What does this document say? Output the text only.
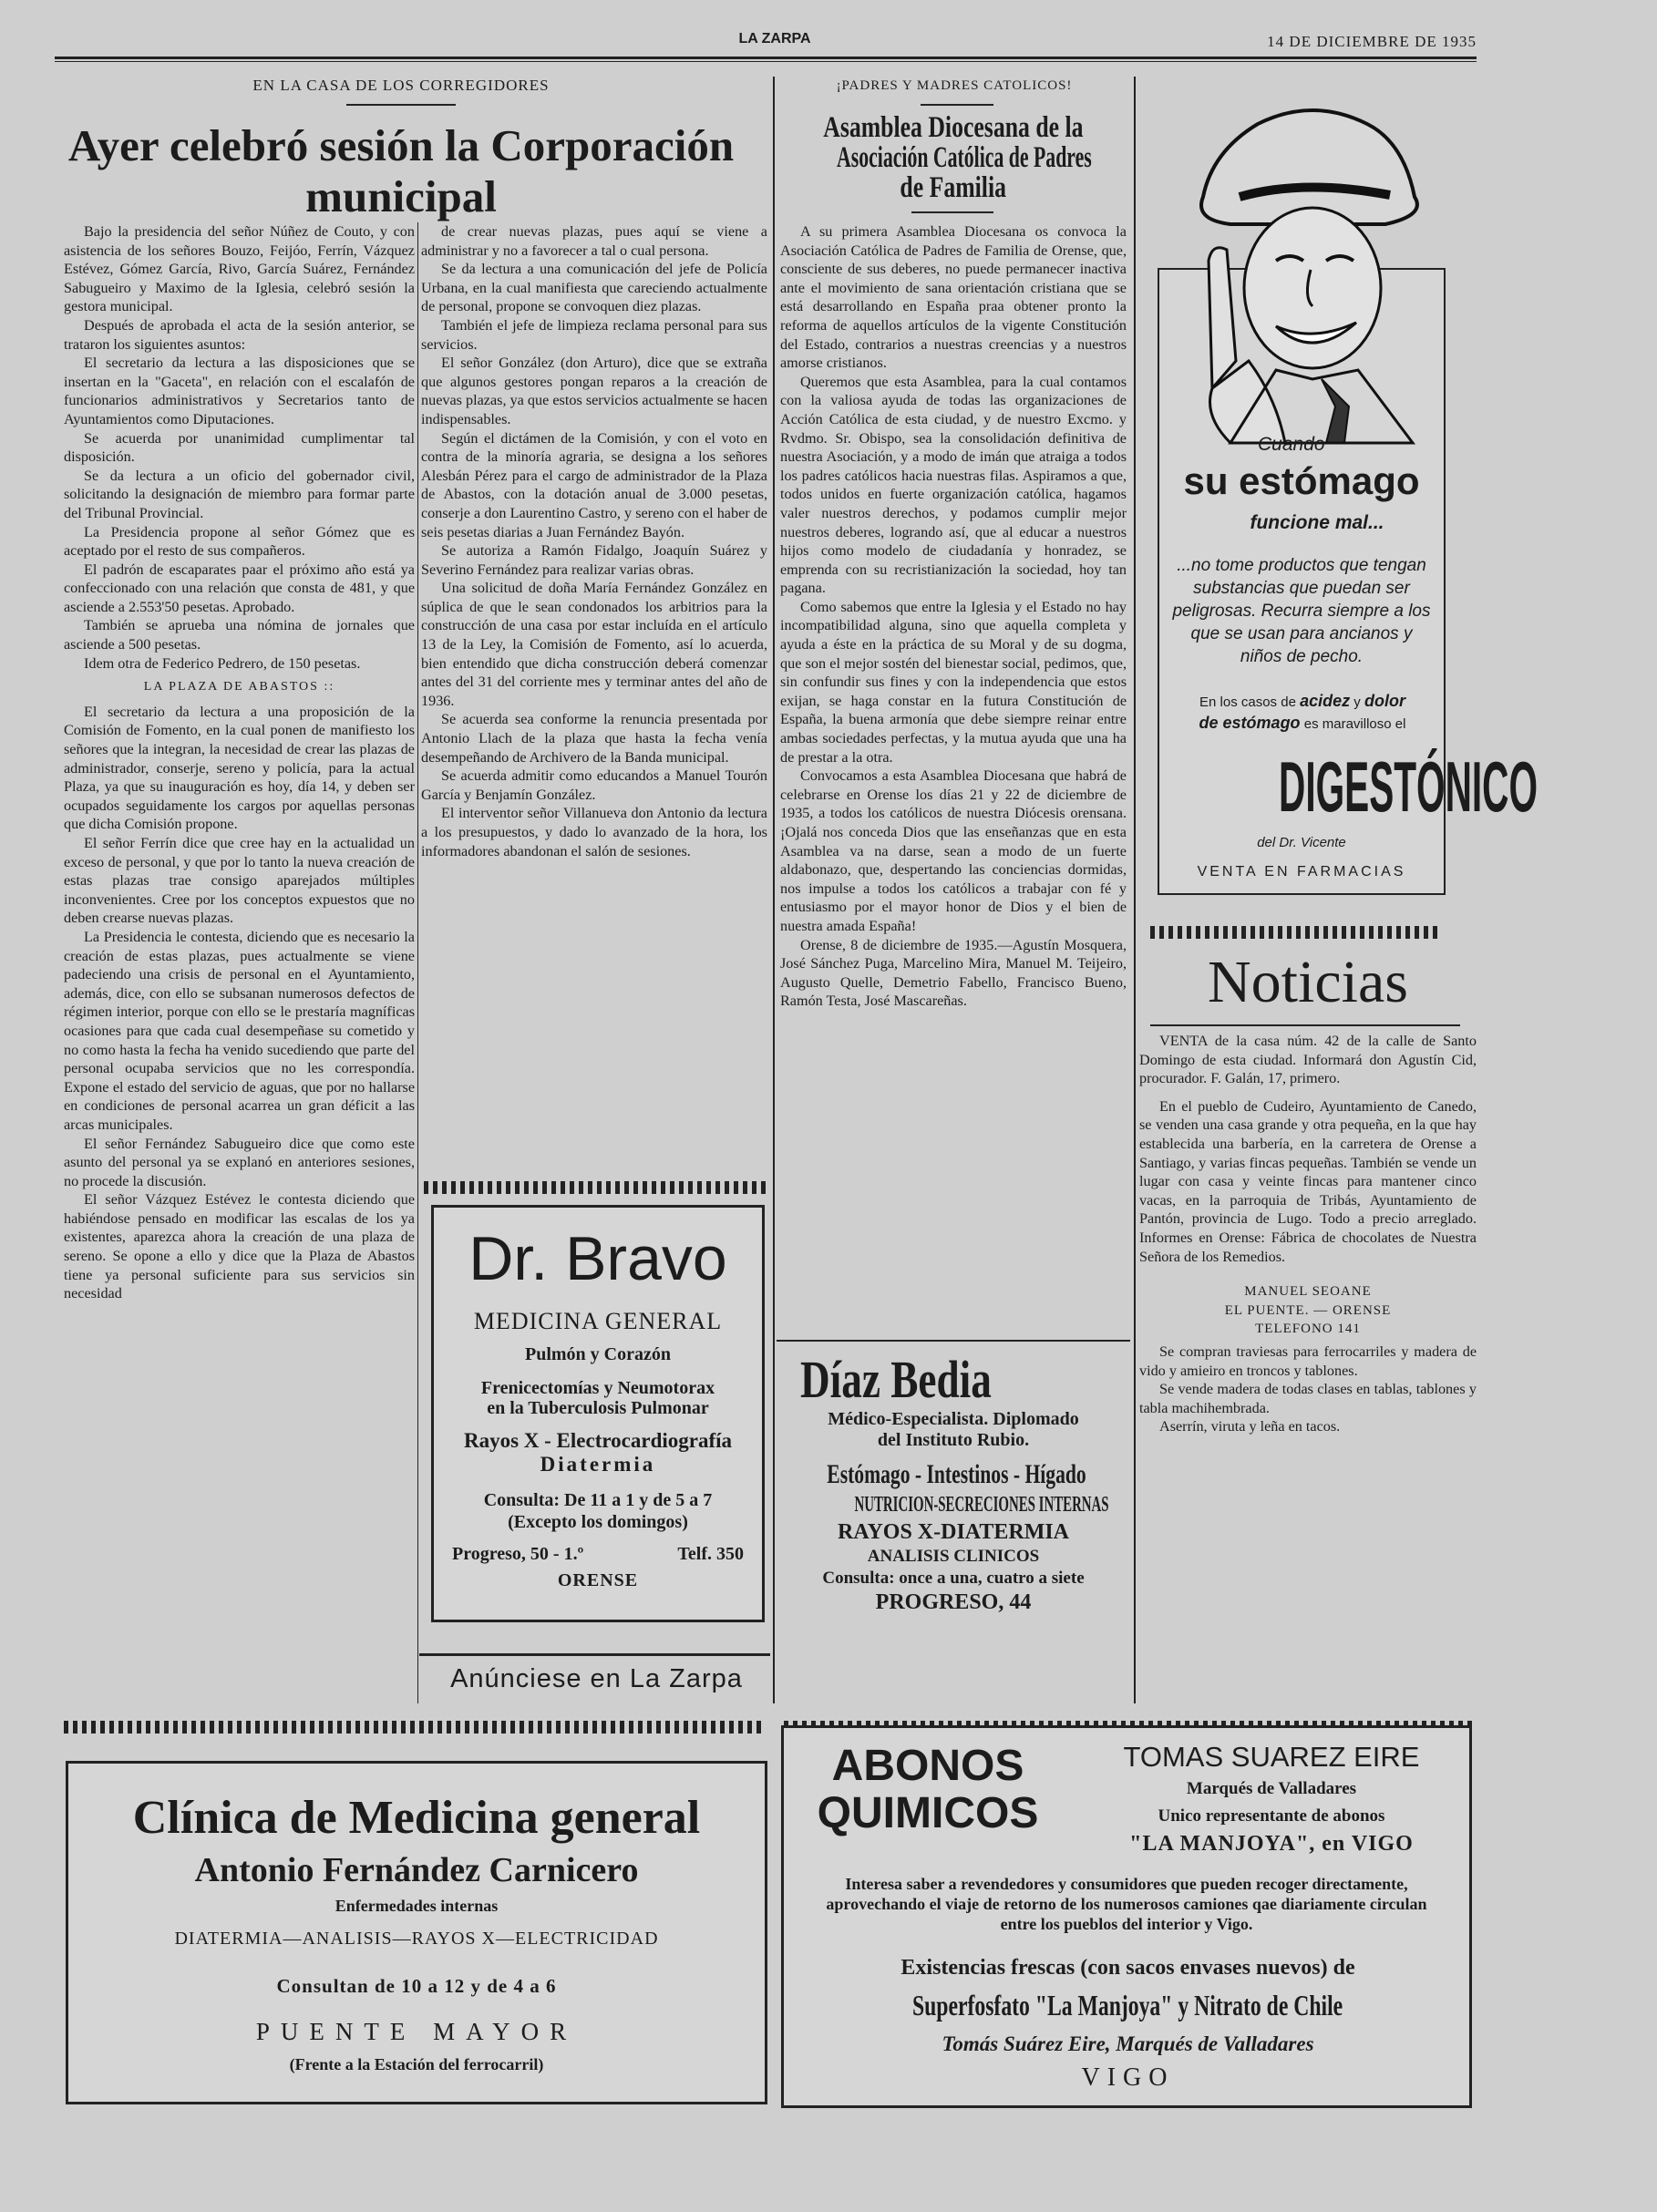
LA ZARPA	14 DE DICIEMBRE DE 1935
EN LA CASA DE LOS CORREGIDORES
Ayer celebró sesión la Corporación
municipal

Bajo la presidencia del señor Núñez de Couto, y con asistencia de los señores Bouzo, Feijóo, Ferrín, Vázquez Estévez, Gómez García, Rivo, García Suárez, Fernández Sabugueiro y Maximo de la Iglesia, celebró sesión la gestora municipal.

Después de aprobada el acta de la sesión anterior, se trataron los siguientes asuntos:

El secretario da lectura a las disposiciones que se insertan en la "Gaceta", en relación con el escalafón de funcionarios administrativos y Secretarios tanto de Ayuntamientos como Diputaciones.

Se acuerda por unanimidad cumplimentar tal disposición.

Se da lectura a un oficio del gobernador civil, solicitando la designación de miembro para formar parte del Tribunal Provincial.

La Presidencia propone al señor Gómez que es aceptado por el resto de sus compañeros.

El padrón de escaparates paar el próximo año está ya confeccionado con una relación que consta de 481, y que asciende a 2.553'50 pesetas. Aprobado.

También se aprueba una nómina de jornales que asciende a 500 pesetas.

Idem otra de Federico Pedrero, de 150 pesetas.

LA PLAZA DE ABASTOS ::

El secretario da lectura a una proposición de la Comisión de Fomento, en la cual ponen de manifiesto los señores que la integran, la necesidad de crear las plazas de administrador, conserje, sereno y policía, para la actual Plaza, ya que su inauguración es hoy, día 14, y deben ser ocupados seguidamente los cargos por aquellas personas que dicha Comisión propone.

El señor Ferrín dice que cree hay en la actualidad un exceso de personal, y que por lo tanto la nueva creación de estas plazas trae consigo aparejados múltiples inconvenientes. Cree por los conceptos expuestos que no deben crearse nuevas plazas.

La Presidencia le contesta, diciendo que es necesario la creación de estas plazas, pues actualmente se viene padeciendo una crisis de personal en el Ayuntamiento, además, dice, con ello se subsanan numerosos defectos de régimen interior, porque con ello se le prestaría magníficas ocasiones para que cada cual desempeñase su cometido y no como hasta la fecha ha venido sucediendo que parte del personal ocupaba servicios que no les correspondía. Expone el estado del servicio de aguas, que por no hallarse en condiciones de personal acarrea un gran déficit a las arcas municipales.

El señor Fernández Sabugueiro dice que como este asunto del personal ya se explanó en anteriores sesiones, no procede la discusión.

El señor Vázquez Estévez le contesta diciendo que habiéndose pensado en modificar las escalas de los ya existentes, aparezca ahora la creación de una plaza de sereno. Se opone a ello y dice que la Plaza de Abastos tiene ya personal suficiente para sus servicios sin necesidad

de crear nuevas plazas, pues aquí se viene a administrar y no a favorecer a tal o cual persona.

Se da lectura a una comunicación del jefe de Policía Urbana, en la cual manifiesta que careciendo actualmente de personal, propone se convoquen diez plazas.

También el jefe de limpieza reclama personal para sus servicios.

El señor González (don Arturo), dice que se extraña que algunos gestores pongan reparos a la creación de nuevas plazas, ya que estos servicios actualmente se hacen indispensables.

Según el dictámen de la Comisión, y con el voto en contra de la minoría agraria, se designa a los señores Alesbán Pérez para el cargo de administrador de la Plaza de Abastos, con la dotación anual de 3.000 pesetas, conserje a don Laurentino Castro, y sereno con el haber de seis pesetas diarias a Juan Fernández Bayón.

Se autoriza a Ramón Fidalgo, Joaquín Suárez y Severino Fernández para realizar varias obras.

Una solicitud de doña María Fernández González en súplica de que le sean condonados los arbitrios para la construcción de una casa por estar incluída en el artículo 13 de la Ley, la Comisión de Fomento, así lo acuerda, bien entendido que dicha construcción deberá comenzar antes del 31 del corriente mes y terminar antes del año de 1936.

Se acuerda sea conforme la renuncia presentada por Antonio Llach de la plaza que hasta la fecha venía desempeñando de Archivero de la Banda municipal.

Se acuerda admitir como educandos a Manuel Tourón García y Benjamín González.

El interventor señor Villanueva don Antonio da lectura a los presupuestos, y dado lo avanzado de la hora, los informadores abandonan el salón de sesiones.

Dr. Bravo
MEDICINA GENERAL
Pulmón y Corazón
Frenicectomías y Neumotorax
en la Tuberculosis Pulmonar
Rayos X - Electrocardiografía
Diatermia
Consulta: De 11 a 1 y de 5 a 7
(Excepto los domingos)
Progreso, 50 - 1.º	Telf. 350
ORENSE
Anúnciese en La Zarpa
¡PADRES Y MADRES CATOLICOS!
Asamblea Diocesana de la
Asociación Católica de Padres
de Familia

A su primera Asamblea Diocesana os convoca la Asociación Católica de Padres de Familia de Orense, que, consciente de sus deberes, no puede permanecer inactiva ante el movimiento de sana orientación cristiana que se está desarrollando en España praa obtener pronto la reforma de aquellos artículos de la vigente Constitución del Estado, contrarios a nuestras creencias y a nuestros amorse cristianos.

Queremos que esta Asamblea, para la cual contamos con la valiosa ayuda de todas las organizaciones de Acción Católica de esta ciudad, y de nuestro Excmo. y Rvdmo. Sr. Obispo, sea la consolidación definitiva de nuestra Asociación, y a modo de imán que atraiga a todos los padres católicos hacia nuestras filas. Aspiramos a que, todos unidos en fuerte organización católica, hagamos valer nuestros derechos, y podamos cumplir mejor nuestros deberes, logrando así, que al educar a nuestros hijos como modelo de ciudadanía y honradez, se emprenda con su recristianización la sociedad, hoy tan pagana.

Como sabemos que entre la Iglesia y el Estado no hay incompatibilidad alguna, sino que aquella completa y ayuda a éste en la práctica de su Moral y de su dogma, que son el mejor sostén del bienestar social, pedimos, que, sin confundir sus fines y con la independencia que estos exijan, se haga constar en la futura Constitución de España, la buena armonía que debe siempre reinar entre ambas sociedades perfectas, y la mutua ayuda que una ha de prestar a la otra.

Convocamos a esta Asamblea Diocesana que habrá de celebrarse en Orense los días 21 y 22 de diciembre de 1935, a todos los católicos de nuestra Diócesis orensana. ¡Ojalá nos conceda Dios que las enseñanzas que en esta Asamblea va na darse, sean a modo de un fuerte aldabonazo, que, despertando las conciencias dormidas, nos impulse a todos los católicos a trabajar con fé y entusiasmo por el mayor honor de Dios y el bien de nuestra amada España!

Orense, 8 de diciembre de 1935.—Agustín Mosquera, José Sánchez Puga, Marcelino Mira, Manuel M. Teijeiro, Augusto Quelle, Demetrio Fabello, Francisco Bueno, Ramón Testa, José Mascareñas.

Díaz Bedia
Médico-Especialista. Diplomado
del Instituto Rubio.
Estómago - Intestinos - Hígado
NUTRICION-SECRECIONES INTERNAS
RAYOS X-DIATERMIA
ANALISIS CLINICOS
Consulta: once a una, cuatro a siete
PROGRESO, 44
Cuando
su estómago
funcione mal...
...no tome productos que tengan substancias que puedan ser peligrosas. Recurra siempre a los que se usan para ancianos y niños de pecho.
En los casos de acidez y dolor
de estómago es maravilloso el
DIGESTÓNICO
del Dr. Vicente
VENTA EN FARMACIAS
Noticias

VENTA de la casa núm. 42 de la calle de Santo Domingo de esta ciudad. Informará don Agustín Cid, procurador. F. Galán, 17, primero.

En el pueblo de Cudeiro, Ayuntamiento de Canedo, se venden una casa grande y otra pequeña, en la que hay establecida una barbería, en la carretera de Orense a Santiago, y varias fincas pequeñas. También se vende un lugar con casa y veinte fincas para mantener cinco vacas, en la parroquia de Tribás, Ayuntamiento de Pantón, provincia de Lugo. Todo a precio arreglado. Informes en Orense: Fábrica de chocolates de Nuestra Señora de los Remedios.

MANUEL SEOANE

EL PUENTE. — ORENSE

TELEFONO 141

Se compran traviesas para ferrocarriles y madera de vido y amieiro en troncos y tablones.

Se vende madera de todas clases en tablas, tablones y tabla machihembrada.

Aserrín, viruta y leña en tacos.

Clínica de Medicina general
Antonio Fernández Carnicero
Enfermedades internas
DIATERMIA—ANALISIS—RAYOS X—ELECTRICIDAD
Consultan de 10 a 12 y de 4 a 6
PUENTE MAYOR
(Frente a la Estación del ferrocarril)
ABONOS
QUIMICOS
TOMAS SUAREZ EIRE
Marqués de Valladares
Unico representante de abonos
"LA MANJOYA", en VIGO
Interesa saber a revendedores y consumidores que pueden recoger directamente, aprovechando el viaje de retorno de los numerosos camiones qae diariamente circulan entre los pueblos del interior y Vigo.
Existencias frescas (con sacos envases nuevos) de
Superfosfato "La Manjoya" y Nitrato de Chile
Tomás Suárez Eire, Marqués de Valladares
VIGO
